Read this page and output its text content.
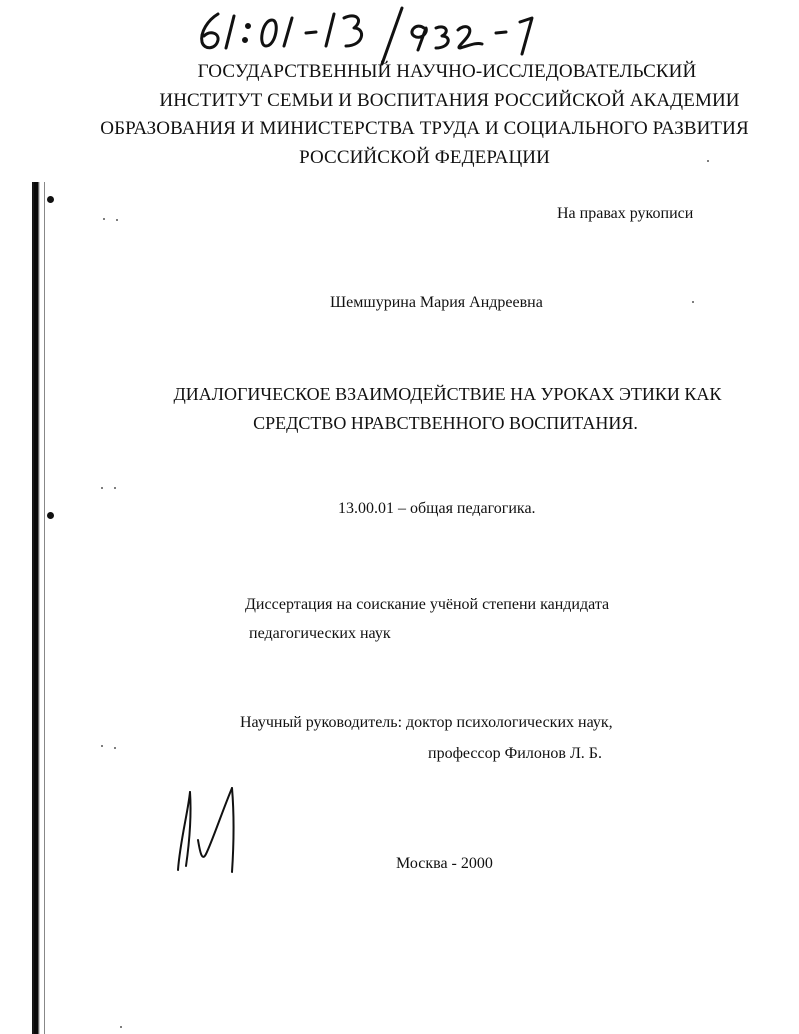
ГОСУДАРСТВЕННЫЙ НАУЧНО-ИССЛЕДОВАТЕЛЬСКИЙ
ИНСТИТУТ СЕМЬИ И ВОСПИТАНИЯ РОССИЙСКОЙ АКАДЕМИИ
ОБРАЗОВАНИЯ И МИНИСТЕРСТВА ТРУДА И СОЦИАЛЬНОГО РАЗВИТИЯ
РОССИЙСКОЙ ФЕДЕРАЦИИ
На правах рукописи
Шемшурина Мария Андреевна
ДИАЛОГИЧЕСКОЕ ВЗАИМОДЕЙСТВИЕ НА УРОКАХ ЭТИКИ КАК
СРЕДСТВО НРАВСТВЕННОГО ВОСПИТАНИЯ.
13.00.01 – общая педагогика.
Диссертация на соискание учёной степени кандидата
педагогических наук
Научный руководитель: доктор психологических наук,
профессор Филонов Л. Б.
Москва - 2000
